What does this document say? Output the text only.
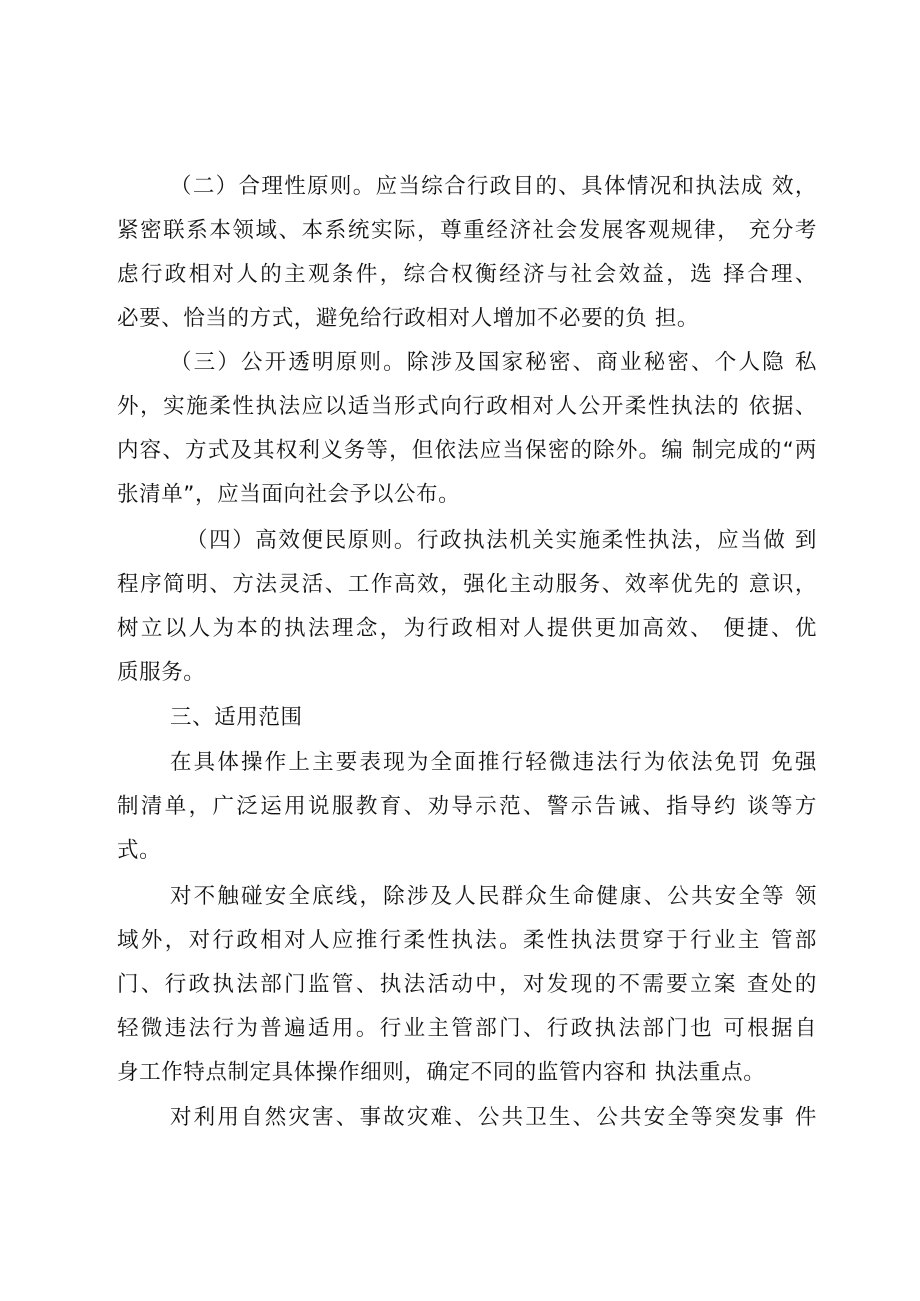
（二）合理性原则。应当综合行政目的、具体情况和执法成 效，

紧密联系本领域、本系统实际，尊重经济社会发展客观规律， 充分考

虑行政相对人的主观条件，综合权衡经济与社会效益，选 择合理、

必要、恰当的方式，避免给行政相对人增加不必要的负 担。

（三）公开透明原则。除涉及国家秘密、商业秘密、个人隐 私

外，实施柔性执法应以适当形式向行政相对人公开柔性执法的 依据、

内容、方式及其权利义务等，但依法应当保密的除外。编 制完成的“两

张清单”，应当面向社会予以公布。

（四）高效便民原则。行政执法机关实施柔性执法，应当做 到

程序简明、方法灵活、工作高效，强化主动服务、效率优先的 意识，

树立以人为本的执法理念，为行政相对人提供更加高效、 便捷、优

质服务。

三、适用范围

在具体操作上主要表现为全面推行轻微违法行为依法免罚 免强

制清单，广泛运用说服教育、劝导示范、警示告诫、指导约 谈等方

式。

对不触碰安全底线，除涉及人民群众生命健康、公共安全等 领

域外，对行政相对人应推行柔性执法。柔性执法贯穿于行业主 管部

门、行政执法部门监管、执法活动中，对发现的不需要立案 查处的

轻微违法行为普遍适用。行业主管部门、行政执法部门也 可根据自

身工作特点制定具体操作细则，确定不同的监管内容和 执法重点。

对利用自然灾害、事故灾难、公共卫生、公共安全等突发事 件
